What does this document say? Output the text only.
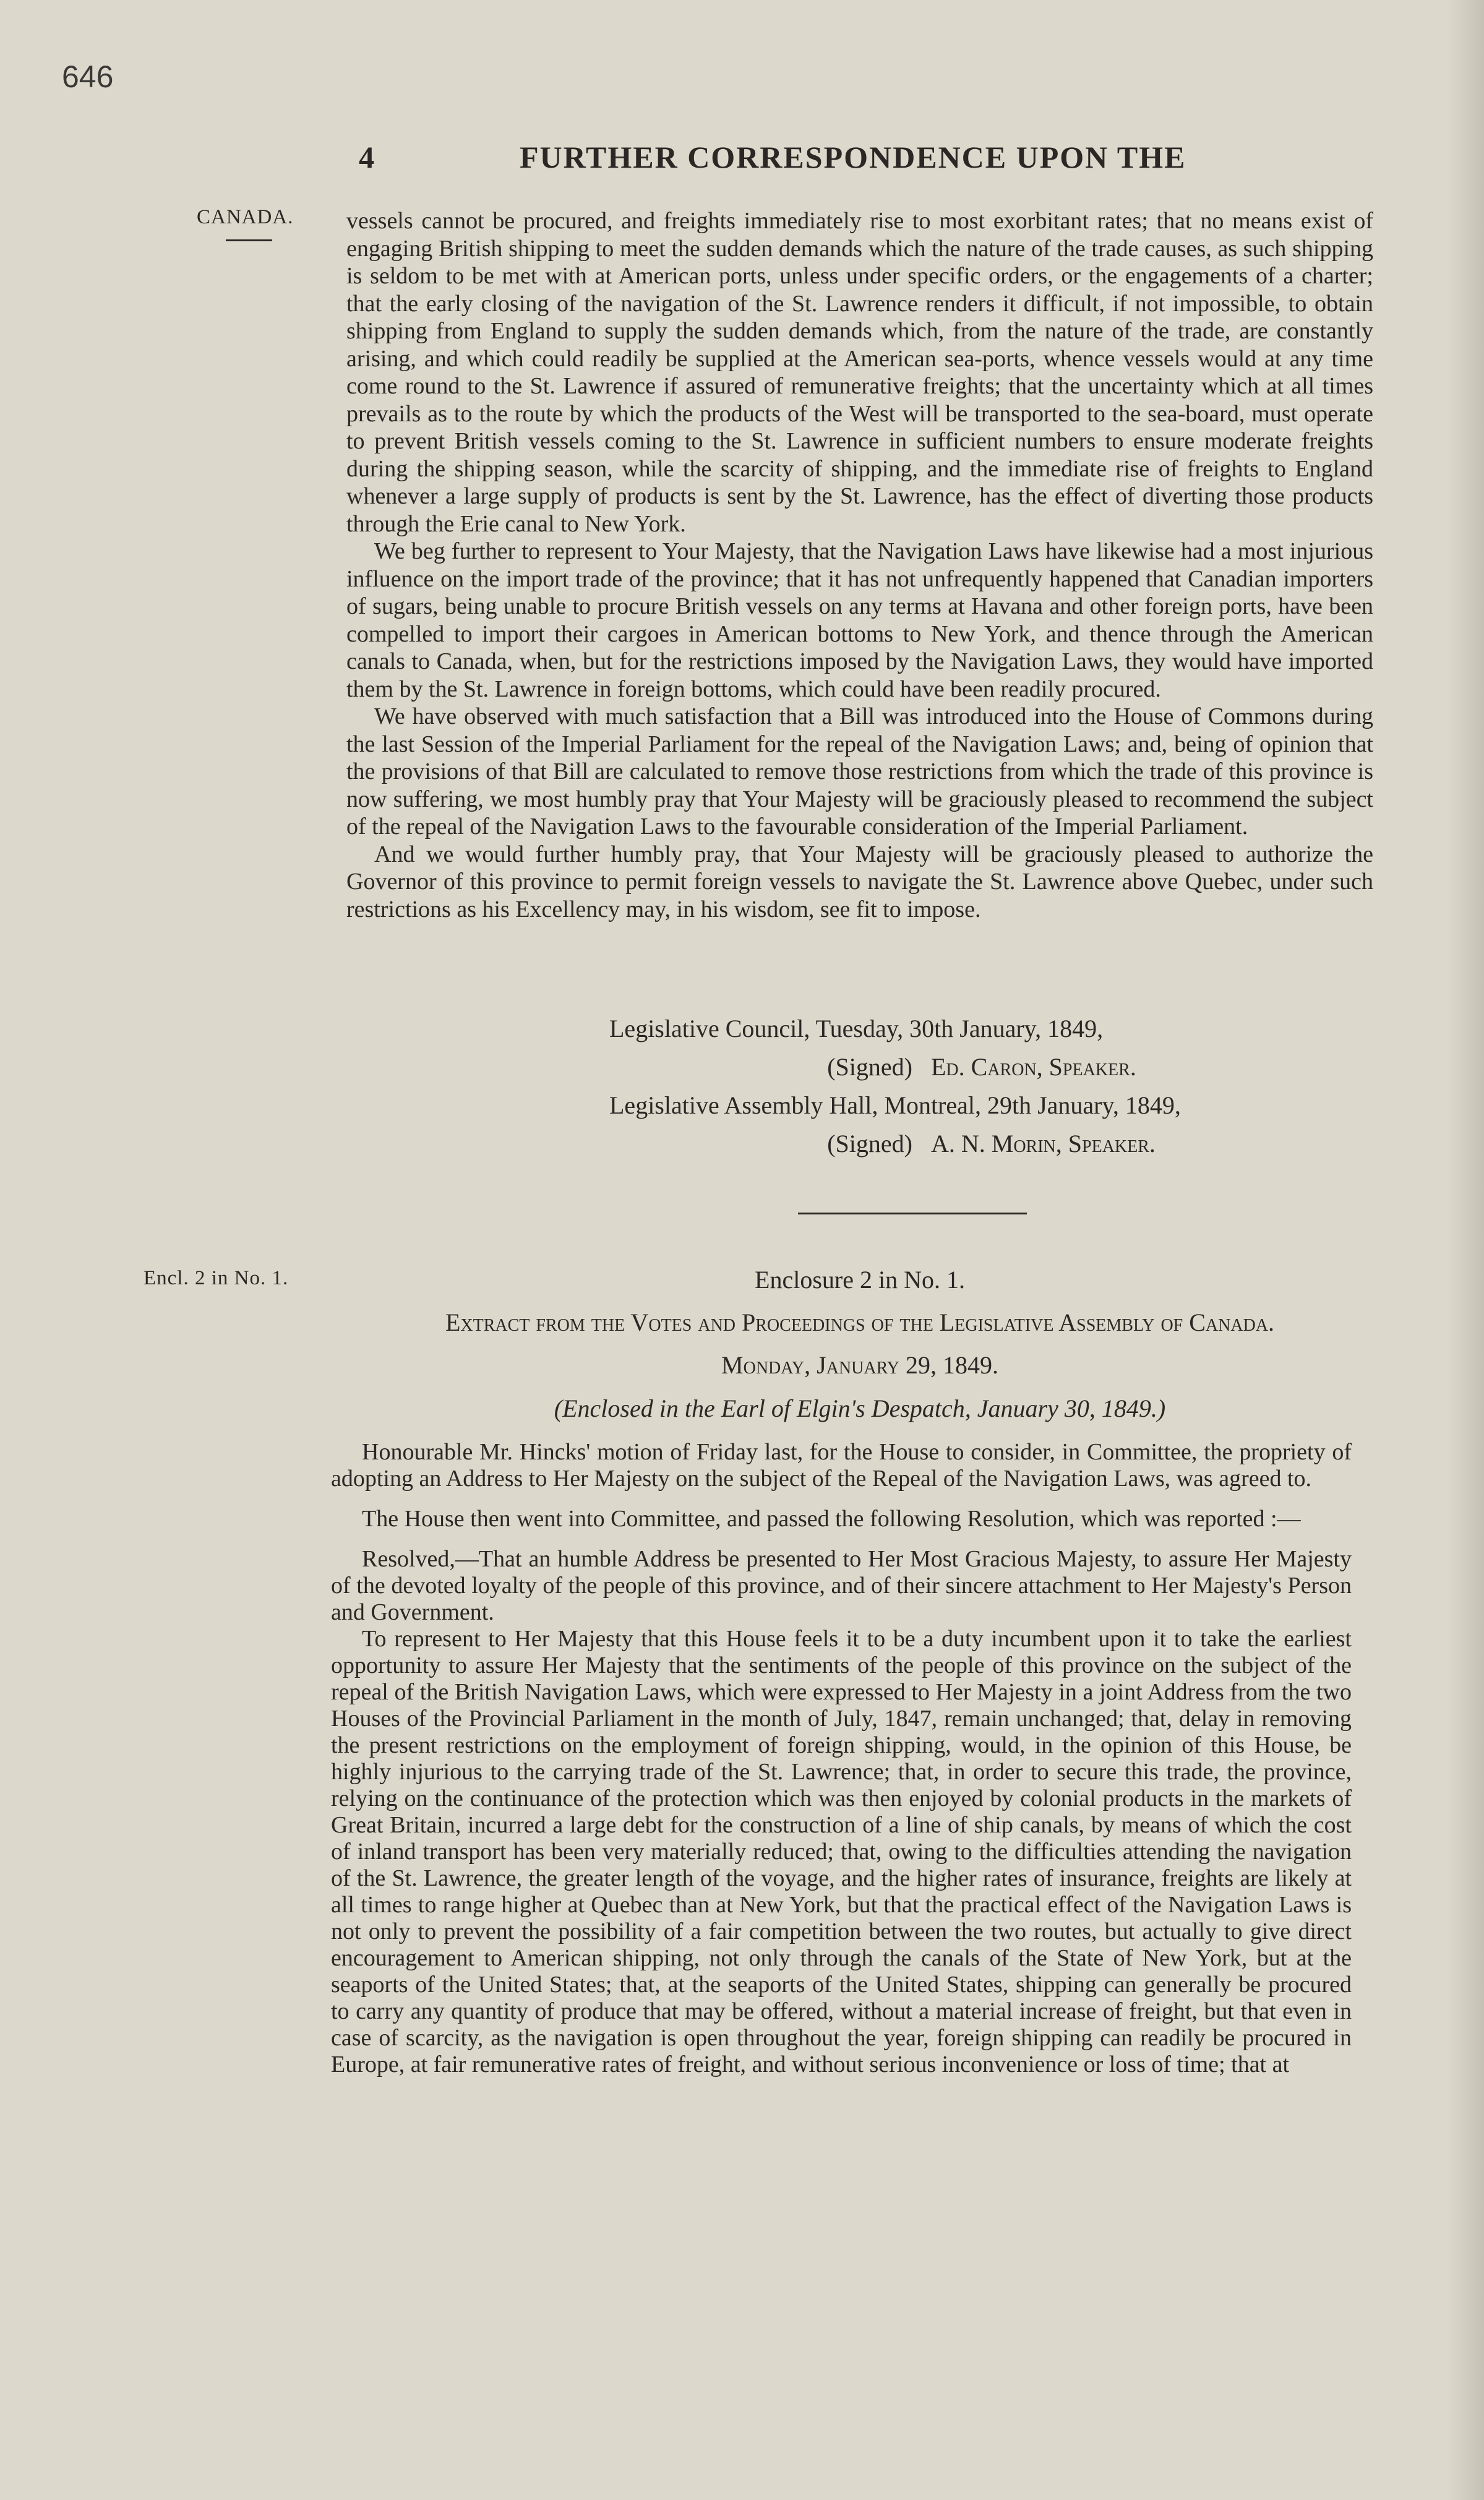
646
4	FURTHER CORRESPONDENCE UPON THE
CANADA. vessels cannot be procured, and freights immediately rise to most exorbitant rates; that no means exist of engaging British shipping to meet the sudden demands which the nature of the trade causes, as such shipping is seldom to be met with at American ports, unless under specific orders, or the engagements of a charter; that the early closing of the navigation of the St. Lawrence renders it difficult, if not impossible, to obtain shipping from England to supply the sudden demands which, from the nature of the trade, are constantly arising, and which could readily be supplied at the American sea-ports, whence vessels would at any time come round to the St. Lawrence if assured of remunerative freights; that the uncertainty which at all times prevails as to the route by which the products of the West will be transported to the sea-board, must operate to prevent British vessels coming to the St. Lawrence in sufficient numbers to ensure moderate freights during the shipping season, while the scarcity of shipping, and the immediate rise of freights to England whenever a large supply of products is sent by the St. Lawrence, has the effect of diverting those products through the Erie canal to New York.

We beg further to represent to Your Majesty, that the Navigation Laws have likewise had a most injurious influence on the import trade of the province; that it has not unfrequently happened that Canadian importers of sugars, being unable to procure British vessels on any terms at Havana and other foreign ports, have been compelled to import their cargoes in American bottoms to New York, and thence through the American canals to Canada, when, but for the restrictions imposed by the Navigation Laws, they would have imported them by the St. Lawrence in foreign bottoms, which could have been readily procured.

We have observed with much satisfaction that a Bill was introduced into the House of Commons during the last Session of the Imperial Parliament for the repeal of the Navigation Laws; and, being of opinion that the provisions of that Bill are calculated to remove those restrictions from which the trade of this province is now suffering, we most humbly pray that Your Majesty will be graciously pleased to recommend the subject of the repeal of the Navigation Laws to the favourable consideration of the Imperial Parliament.

And we would further humbly pray, that Your Majesty will be graciously pleased to authorize the Governor of this province to permit foreign vessels to navigate the St. Lawrence above Quebec, under such restrictions as his Excellency may, in his wisdom, see fit to impose.

Legislative Council, Tuesday, 30th January, 1849,
(Signed) Ed. Caron, Speaker.
Legislative Assembly Hall, Montreal, 29th January, 1849,
(Signed) A. N. Morin, Speaker.
Encl. 2 in No. 1.	Enclosure 2 in No. 1.
Extract from the Votes and Proceedings of the Legislative Assembly of Canada.
Monday, January 29, 1849.
(Enclosed in the Earl of Elgin's Despatch, January 30, 1849.)

Honourable Mr. Hincks' motion of Friday last, for the House to consider, in Committee, the propriety of adopting an Address to Her Majesty on the subject of the Repeal of the Navigation Laws, was agreed to.

The House then went into Committee, and passed the following Resolution, which was reported :—

Resolved,—That an humble Address be presented to Her Most Gracious Majesty, to assure Her Majesty of the devoted loyalty of the people of this province, and of their sincere attachment to Her Majesty's Person and Government.

To represent to Her Majesty that this House feels it to be a duty incumbent upon it to take the earliest opportunity to assure Her Majesty that the sentiments of the people of this province on the subject of the repeal of the British Navigation Laws, which were expressed to Her Majesty in a joint Address from the two Houses of the Provincial Parliament in the month of July, 1847, remain unchanged; that, delay in removing the present restrictions on the employment of foreign shipping, would, in the opinion of this House, be highly injurious to the carrying trade of the St. Lawrence; that, in order to secure this trade, the province, relying on the continuance of the protection which was then enjoyed by colonial products in the markets of Great Britain, incurred a large debt for the construction of a line of ship canals, by means of which the cost of inland transport has been very materially reduced; that, owing to the difficulties attending the navigation of the St. Lawrence, the greater length of the voyage, and the higher rates of insurance, freights are likely at all times to range higher at Quebec than at New York, but that the practical effect of the Navigation Laws is not only to prevent the possibility of a fair competition between the two routes, but actually to give direct encouragement to American shipping, not only through the canals of the State of New York, but at the seaports of the United States; that, at the seaports of the United States, shipping can generally be procured to carry any quantity of produce that may be offered, without a material increase of freight, but that even in case of scarcity, as the navigation is open throughout the year, foreign shipping can readily be procured in Europe, at fair remunerative rates of freight, and without serious inconvenience or loss of time; that at
